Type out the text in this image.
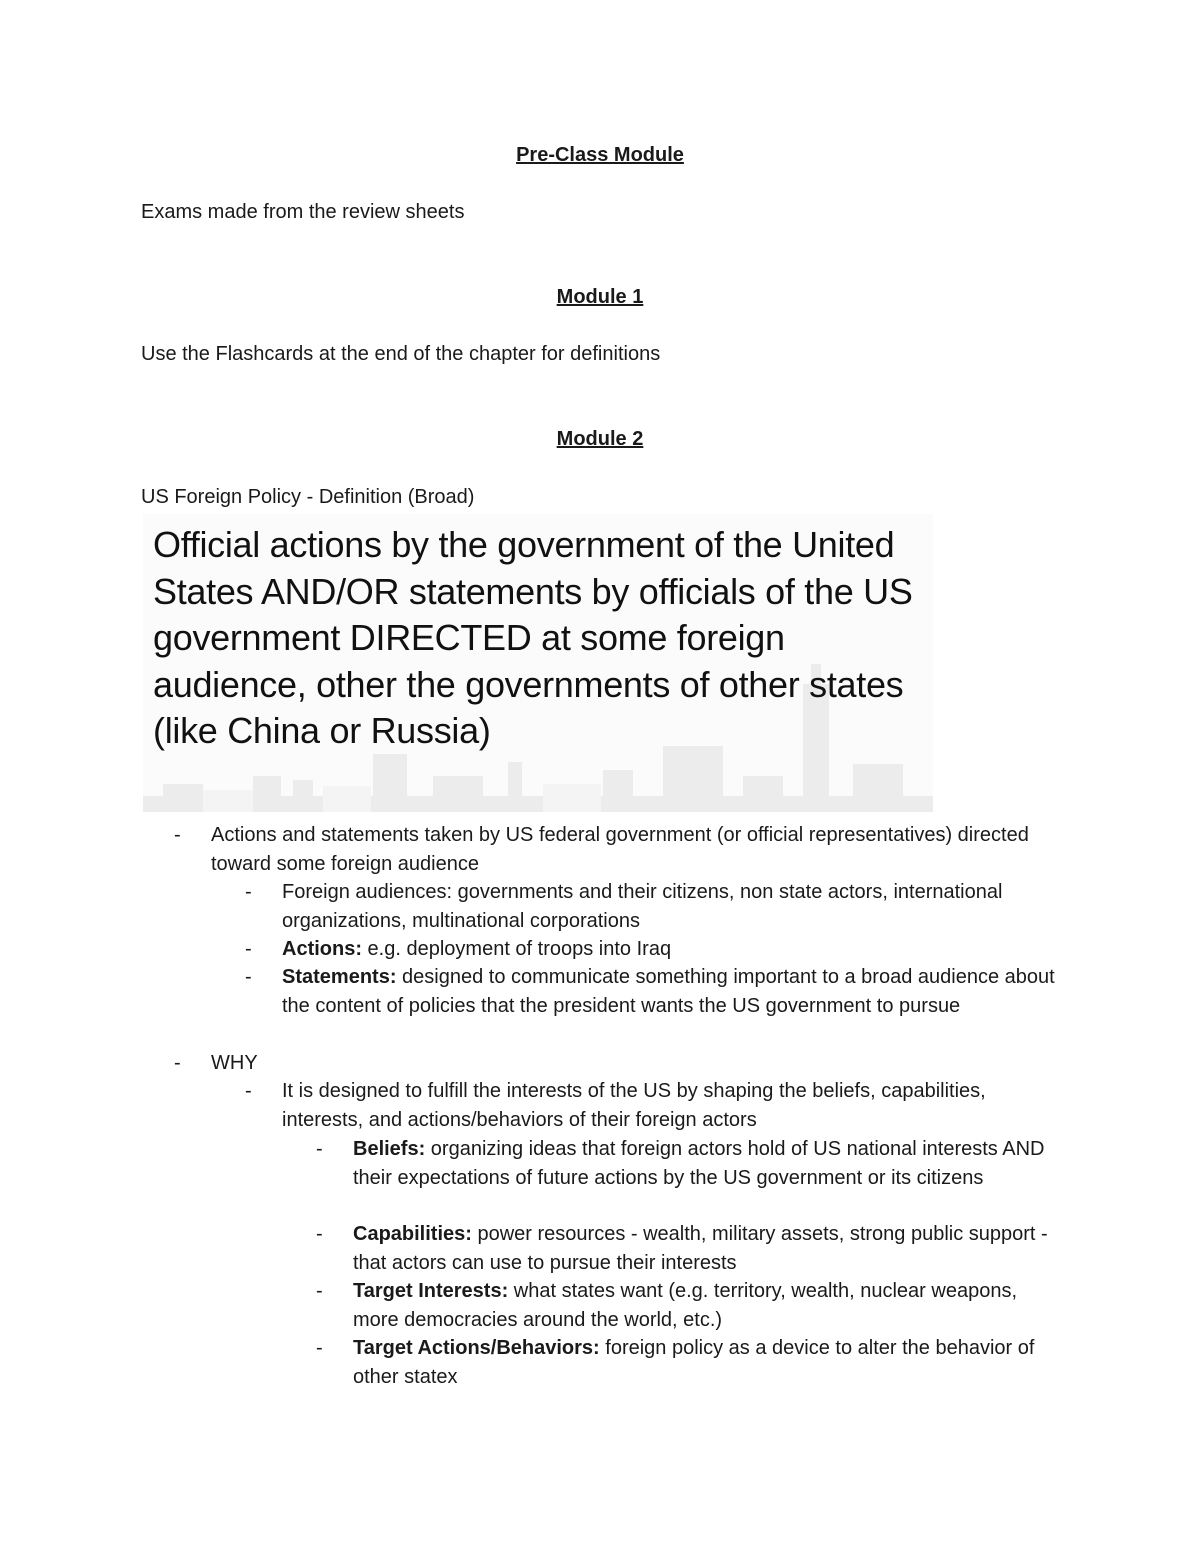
Pre-Class Module
Exams made from the review sheets
Module 1
Use the Flashcards at the end of the chapter for definitions
Module 2
US Foreign Policy - Definition (Broad)
Official actions by the government of the United States AND/OR statements by officials of the US government DIRECTED at some foreign audience, other the governments of other states (like China or Russia)
- Actions and statements taken by US federal government (or official representatives) directed toward some foreign audience
- Foreign audiences: governments and their citizens, non state actors, international organizations, multinational corporations
- Actions: e.g. deployment of troops into Iraq
- Statements: designed to communicate something important to a broad audience about the content of policies that the president wants the US government to pursue
- WHY
- It is designed to fulfill the interests of the US by shaping the beliefs, capabilities, interests, and actions/behaviors of their foreign actors
- Beliefs: organizing ideas that foreign actors hold of US national interests AND their expectations of future actions by the US government or its citizens
- Capabilities: power resources - wealth, military assets, strong public support - that actors can use to pursue their interests
- Target Interests: what states want (e.g. territory, wealth, nuclear weapons, more democracies around the world, etc.)
- Target Actions/Behaviors: foreign policy as a device to alter the behavior of other statex
